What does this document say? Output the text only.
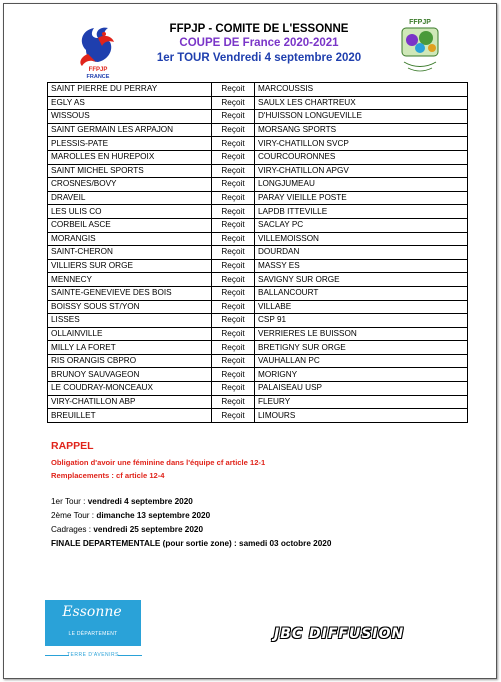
FFPJP
FRANCE
FFPJP
FFPJP - COMITE DE L'ESSONNE
COUPE DE France 2020-2021
1er TOUR Vendredi 4 septembre 2020
SAINT PIERRE DU PERRAY	Reçoit	MARCOUSSIS
EGLY AS	Reçoit	SAULX LES CHARTREUX
WISSOUS	Reçoit	D'HUISSON LONGUEVILLE
SAINT GERMAIN LES ARPAJON	Reçoit	MORSANG SPORTS
PLESSIS-PATE	Reçoit	VIRY-CHATILLON SVCP
MAROLLES EN HUREPOIX	Reçoit	COURCOURONNES
SAINT MICHEL SPORTS	Reçoit	VIRY-CHATILLON APGV
CROSNES/BOVY	Reçoit	LONGJUMEAU
DRAVEIL	Reçoit	PARAY VIEILLE POSTE
LES ULIS CO	Reçoit	LAPDB ITTEVILLE
CORBEIL ASCE	Reçoit	SACLAY PC
MORANGIS	Reçoit	VILLEMOISSON
SAINT-CHERON	Reçoit	DOURDAN
VILLIERS SUR ORGE	Reçoit	MASSY ES
MENNECY	Reçoit	SAVIGNY SUR ORGE
SAINTE-GENEVIEVE DES BOIS	Reçoit	BALLANCOURT
BOISSY SOUS ST/YON	Reçoit	VILLABE
LISSES	Reçoit	CSP 91
OLLAINVILLE	Reçoit	VERRIERES LE BUISSON
MILLY LA FORET	Reçoit	BRETIGNY SUR ORGE
RIS ORANGIS CBPRO	Reçoit	VAUHALLAN PC
BRUNOY SAUVAGEON	Reçoit	MORIGNY
LE COUDRAY-MONCEAUX	Reçoit	PALAISEAU USP
VIRY-CHATILLON ABP	Reçoit	FLEURY
BREUILLET	Reçoit	LIMOURS
RAPPEL
Obligation d'avoir une féminine dans l'équipe cf article 12-1
Remplacements : cf article 12-4
1er Tour : vendredi 4 septembre 2020
2ème Tour : dimanche 13 septembre 2020
Cadrages : vendredi 25 septembre 2020
FINALE DEPARTEMENTALE (pour sortie zone) : samedi 03 octobre 2020
Essonne
LE DÉPARTEMENT
TERRE D'AVENIRS
JBC DIFFUSION
